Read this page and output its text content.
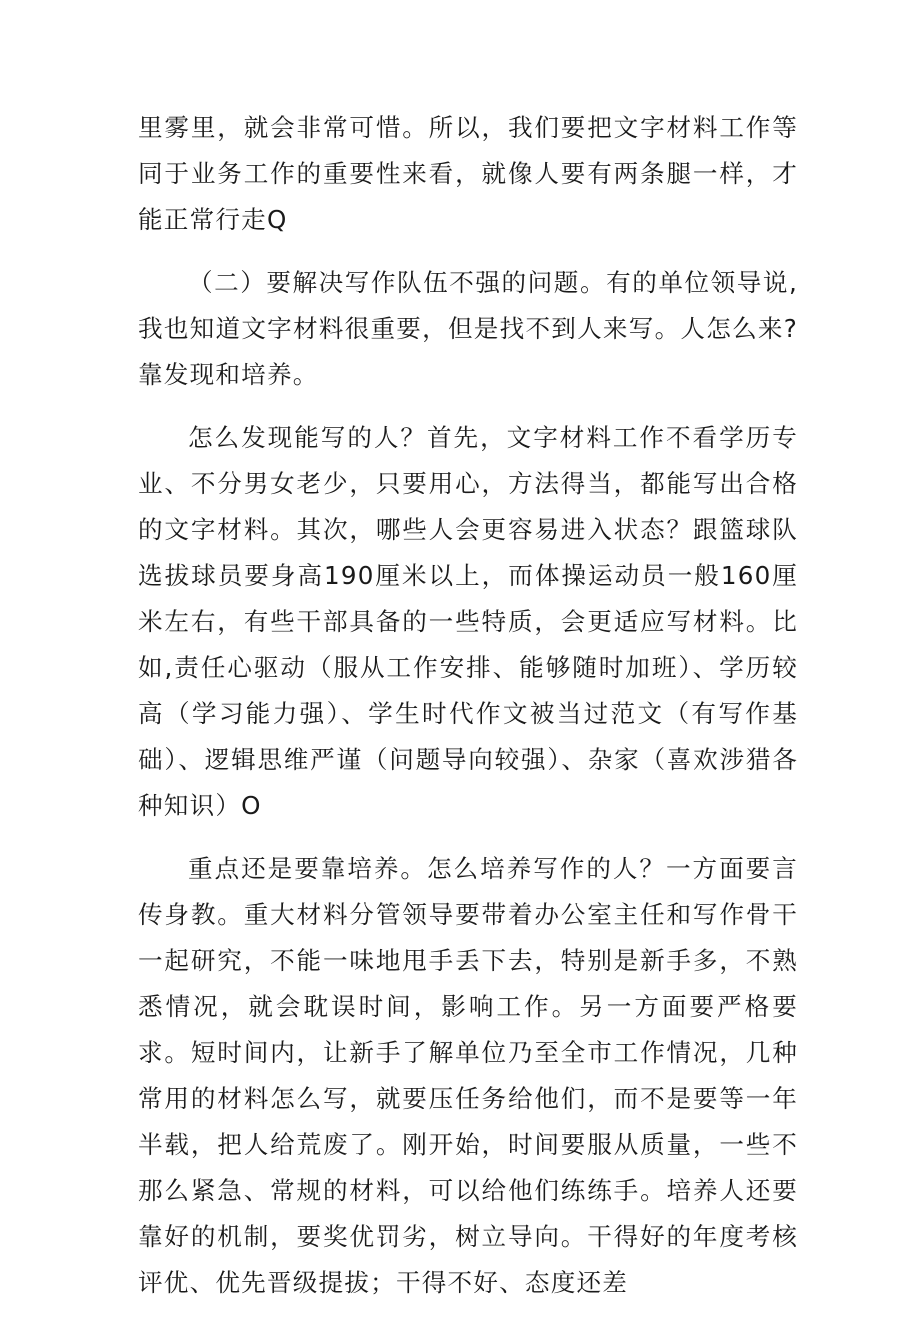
里雾里，就会非常可惜。所以，我们要把文字材料工作等同于业务工作的重要性来看，就像人要有两条腿一样，才能正常行走Q

（二）要解决写作队伍不强的问题。有的单位领导说,我也知道文字材料很重要，但是找不到人来写。人怎么来?靠发现和培养。

怎么发现能写的人？首先，文字材料工作不看学历专业、不分男女老少，只要用心，方法得当，都能写出合格的文字材料。其次，哪些人会更容易进入状态？跟篮球队选拔球员要身高190厘米以上，而体操运动员一般160厘米左右，有些干部具备的一些特质，会更适应写材料。比如,责任心驱动（服从工作安排、能够随时加班）、学历较高（学习能力强）、学生时代作文被当过范文（有写作基础）、逻辑思维严谨（问题导向较强）、杂家（喜欢涉猎各种知识）O

重点还是要靠培养。怎么培养写作的人？一方面要言传身教。重大材料分管领导要带着办公室主任和写作骨干一起研究，不能一味地甩手丢下去，特别是新手多，不熟悉情况，就会耽误时间，影响工作。另一方面要严格要求。短时间内，让新手了解单位乃至全市工作情况，几种常用的材料怎么写，就要压任务给他们，而不是要等一年半载，把人给荒废了。刚开始，时间要服从质量，一些不那么紧急、常规的材料，可以给他们练练手。培养人还要靠好的机制，要奖优罚劣，树立导向。干得好的年度考核评优、优先晋级提拔；干得不好、态度还差
